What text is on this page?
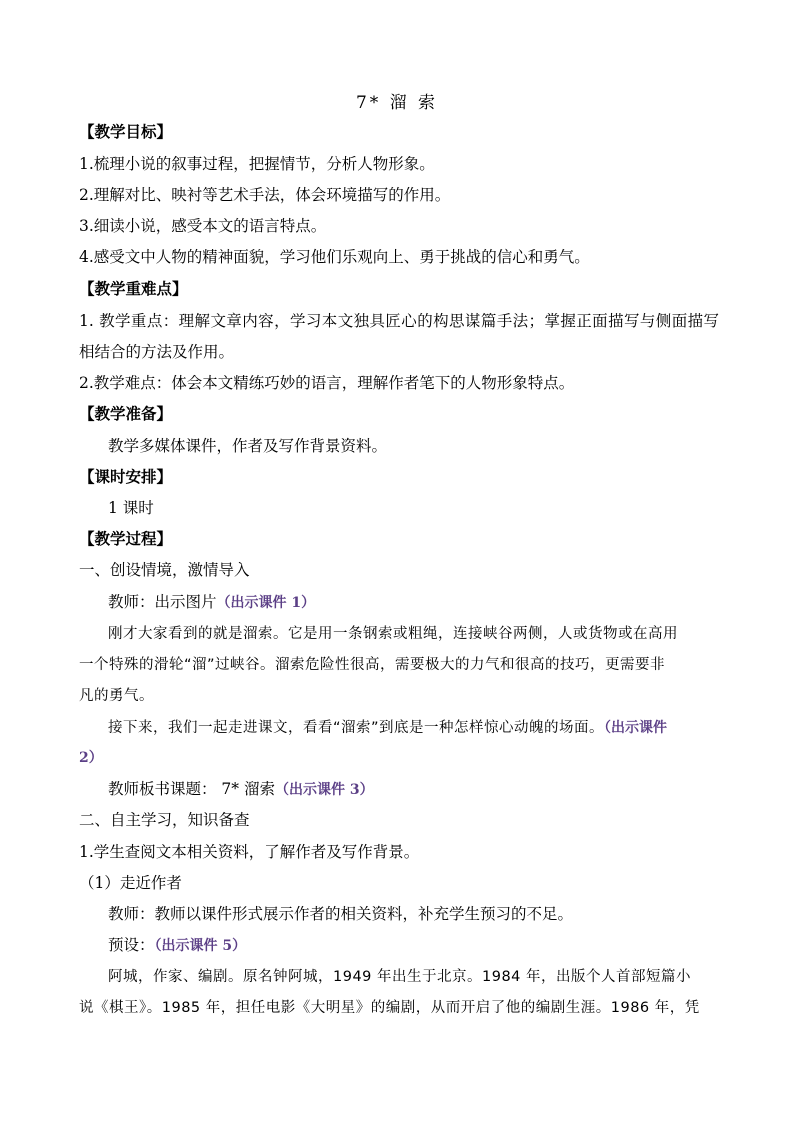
7* 溜 索
【教学目标】
1.梳理小说的叙事过程，把握情节，分析人物形象。
2.理解对比、映衬等艺术手法，体会环境描写的作用。
3.细读小说，感受本文的语言特点。
4.感受文中人物的精神面貌，学习他们乐观向上、勇于挑战的信心和勇气。
【教学重难点】
1. 教学重点：理解文章内容，学习本文独具匠心的构思谋篇手法；掌握正面描写与侧面描写
相结合的方法及作用。
2.教学难点：体会本文精练巧妙的语言，理解作者笔下的人物形象特点。
【教学准备】
教学多媒体课件，作者及写作背景资料。
【课时安排】
1 课时
【教学过程】
一、创设情境，激情导入
教师：出示图片（出示课件 1）
刚才大家看到的就是溜索。它是用一条钢索或粗绳，连接峡谷两侧，人或货物或在高用
一个特殊的滑轮“溜”过峡谷。溜索危险性很高，需要极大的力气和很高的技巧，更需要非
凡的勇气。
接下来，我们一起走进课文，看看“溜索”到底是一种怎样惊心动魄的场面。（出示课件
2）
教师板书课题： 7* 溜索（出示课件 3）
二、自主学习，知识备查
1.学生查阅文本相关资料，了解作者及写作背景。
（1）走近作者
教师：教师以课件形式展示作者的相关资料，补充学生预习的不足。
预设：（出示课件 5）
阿城，作家、编剧。原名钟阿城，1949 年出生于北京。1984 年，出版个人首部短篇小
说《棋王》。1985 年，担任电影《大明星》的编剧，从而开启了他的编剧生涯。1986 年，凭
